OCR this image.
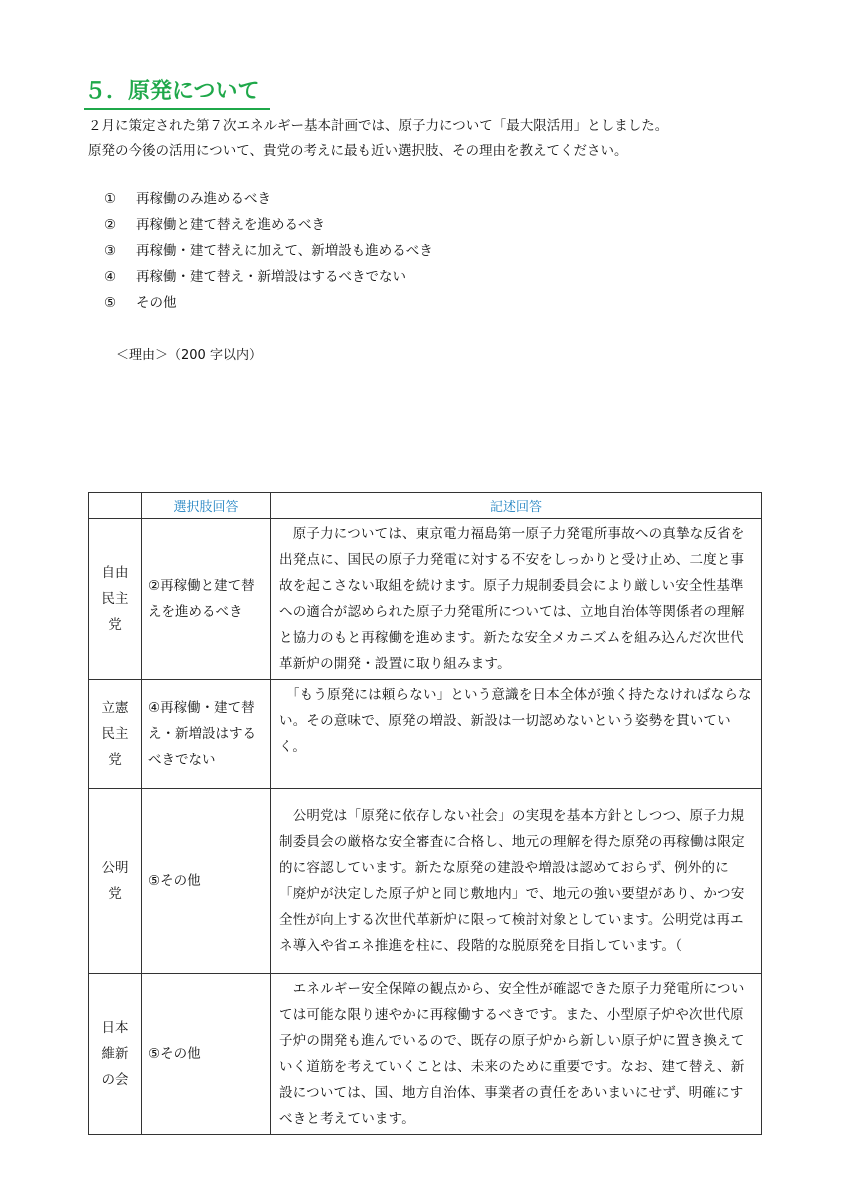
５．原発について

２月に策定された第７次エネルギー基本計画では、原子力について「最大限活用」としました。

原発の今後の活用について、貴党の考えに最も近い選択肢、その理由を教えてください。

① 再稼働のみ進めるべき
② 再稼働と建て替えを進めるべき
③ 再稼働・建て替えに加えて、新増設も進めるべき
④ 再稼働・建て替え・新増設はするべきでない
⑤ その他
＜理由＞（200 字以内）
	選択肢回答	記述回答

自由
民主
党	②再稼働と建て替えを進めるべき	　原子力については、東京電力福島第一原子力発電所事故への真摯な反省を出発点に、国民の原子力発電に対する不安をしっかりと受け止め、二度と事故を起こさない取組を続けます。原子力規制委員会により厳しい安全性基準への適合が認められた原子力発電所については、立地自治体等関係者の理解と協力のもと再稼働を進めます。新たな安全メカニズムを組み込んだ次世代革新炉の開発・設置に取り組みます。

立憲
民主
党	④再稼働・建て替　え・新増設はするべきでない	　「もう原発には頼らない」という意識を日本全体が強く持たなければならない。その意味で、原発の増設、新設は一切認めないという姿勢を貫いていく。

公明
党	⑤その他	　公明党は「原発に依存しない社会」の実現を基本方針としつつ、原子力規制委員会の厳格な安全審査に合格し、地元の理解を得た原発の再稼働は限定的に容認しています。新たな原発の建設や増設は認めておらず、例外的に「廃炉が決定した原子炉と同じ敷地内」で、地元の強い要望があり、かつ安全性が向上する次世代革新炉に限って検討対象としています。公明党は再エネ導入や省エネ推進を柱に、段階的な脱原発を目指しています。（

日本
維新
の会	⑤その他	　エネルギー安全保障の観点から、安全性が確認できた原子力発電所については可能な限り速やかに再稼働するべきです。また、小型原子炉や次世代原子炉の開発も進んでいるので、既存の原子炉から新しい原子炉に置き換えていく道筋を考えていくことは、未来のために重要です。なお、建て替え、新設については、国、地方自治体、事業者の責任をあいまいにせず、明確にすべきと考えています。
